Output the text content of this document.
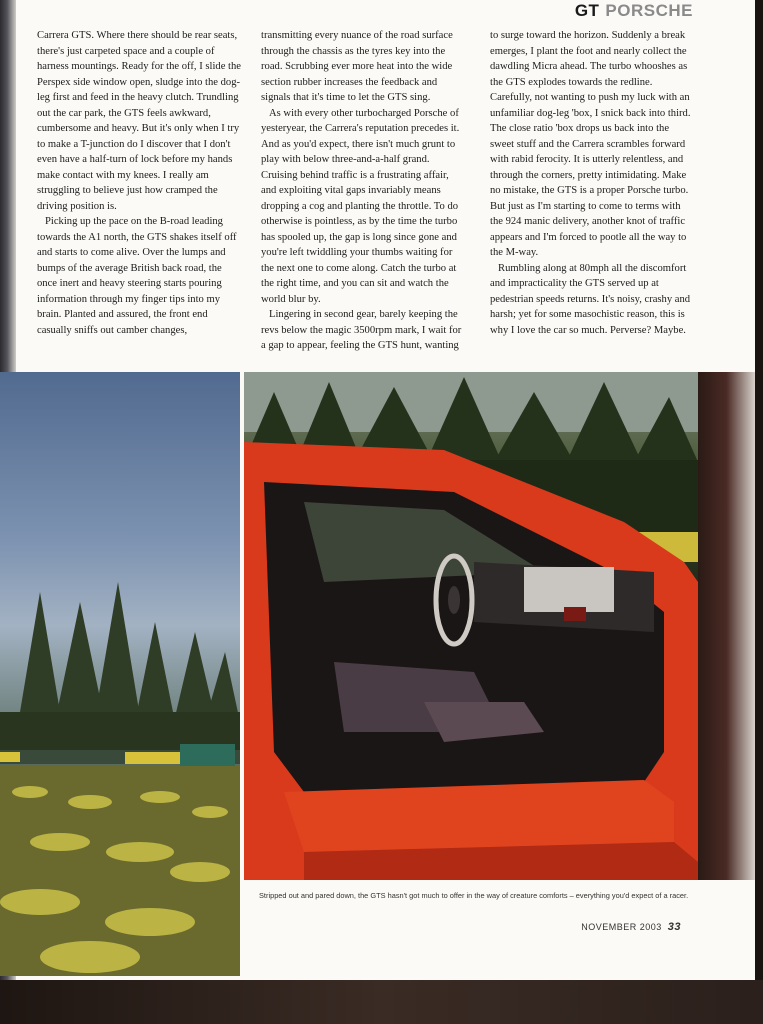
GT PORSCHE

Carrera GTS. Where there should be rear seats, there's just carpeted space and a couple of harness mountings. Ready for the off, I slide the Perspex side window open, sludge into the dog-leg first and feed in the heavy clutch. Trundling out the car park, the GTS feels awkward, cumbersome and heavy. But it's only when I try to make a T-junction do I discover that I don't even have a half-turn of lock before my hands make contact with my knees. I really am struggling to believe just how cramped the driving position is.

Picking up the pace on the B-road leading towards the A1 north, the GTS shakes itself off and starts to come alive. Over the lumps and bumps of the average British back road, the once inert and heavy steering starts pouring information through my finger tips into my brain. Planted and assured, the front end casually sniffs out camber changes,

transmitting every nuance of the road surface through the chassis as the tyres key into the road. Scrubbing ever more heat into the wide section rubber increases the feedback and signals that it's time to let the GTS sing.

As with every other turbocharged Porsche of yesteryear, the Carrera's reputation precedes it. And as you'd expect, there isn't much grunt to play with below three-and-a-half grand. Cruising behind traffic is a frustrating affair, and exploiting vital gaps invariably means dropping a cog and planting the throttle. To do otherwise is pointless, as by the time the turbo has spooled up, the gap is long since gone and you're left twiddling your thumbs waiting for the next one to come along. Catch the turbo at the right time, and you can sit and watch the world blur by.

Lingering in second gear, barely keeping the revs below the magic 3500rpm mark, I wait for a gap to appear, feeling the GTS hunt, wanting

to surge toward the horizon. Suddenly a break emerges, I plant the foot and nearly collect the dawdling Micra ahead. The turbo whooshes as the GTS explodes towards the redline. Carefully, not wanting to push my luck with an unfamiliar dog-leg 'box, I snick back into third. The close ratio 'box drops us back into the sweet stuff and the Carrera scrambles forward with rabid ferocity. It is utterly relentless, and through the corners, pretty intimidating. Make no mistake, the GTS is a proper Porsche turbo. But just as I'm starting to come to terms with the 924 manic delivery, another knot of traffic appears and I'm forced to pootle all the way to the M-way.

Rumbling along at 80mph all the discomfort and impracticality the GTS served up at pedestrian speeds returns. It's noisy, crashy and harsh; yet for some masochistic reason, this is why I love the car so much. Perverse? Maybe.

Stripped out and pared down, the GTS hasn't got much to offer in the way of creature comforts – everything you'd expect of a racer.
NOVEMBER 2003 33
